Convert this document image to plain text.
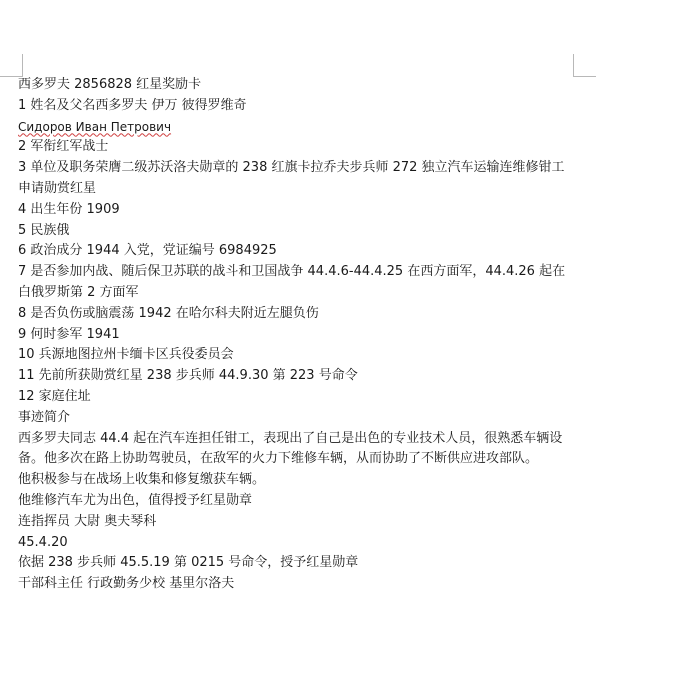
西多罗夫 2856828 红星奖励卡
1 姓名及父名西多罗夫 伊万 彼得罗维奇
Сидоров Иван Петрович
2 军衔红军战士
3 单位及职务荣膺二级苏沃洛夫勋章的 238 红旗卡拉乔夫步兵师 272 独立汽车运输连维修钳工
申请勋赏红星
4 出生年份 1909
5 民族俄
6 政治成分 1944 入党，党证编号 6984925
7 是否参加内战、随后保卫苏联的战斗和卫国战争 44.4.6-44.4.25 在西方面军，44.4.26 起在白俄罗斯第 2 方面军
8 是否负伤或脑震荡 1942 在哈尔科夫附近左腿负伤
9 何时参军 1941
10 兵源地图拉州卡缅卡区兵役委员会
11 先前所获勋赏红星 238 步兵师 44.9.30 第 223 号命令
12 家庭住址
事迹简介
西多罗夫同志 44.4 起在汽车连担任钳工，表现出了自己是出色的专业技术人员，很熟悉车辆设备。他多次在路上协助驾驶员，在敌军的火力下维修车辆，从而协助了不断供应进攻部队。
他积极参与在战场上收集和修复缴获车辆。
他维修汽车尤为出色，值得授予红星勋章
连指挥员 大尉 奥夫琴科
45.4.20
依据 238 步兵师 45.5.19 第 0215 号命令，授予红星勋章
干部科主任 行政勤务少校 基里尔洛夫
